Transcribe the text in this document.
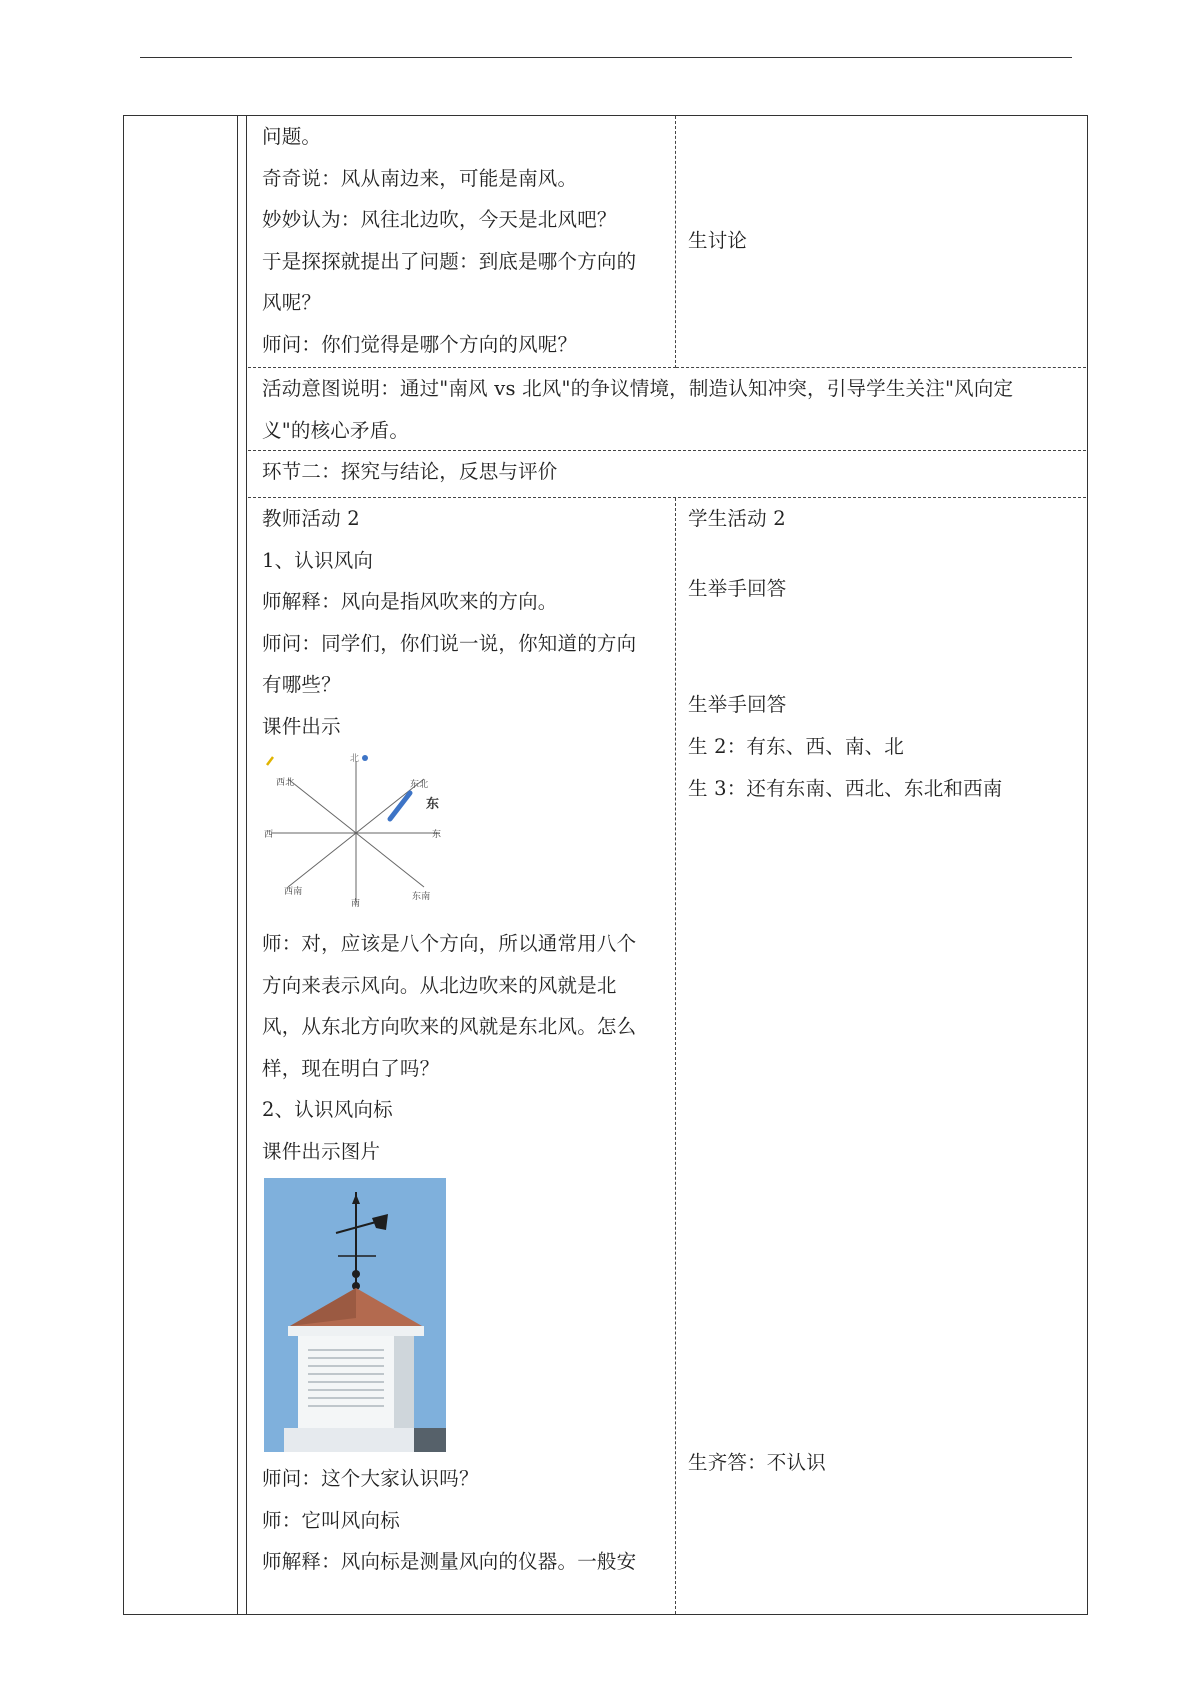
问题。
奇奇说：风从南边来，可能是南风。
妙妙认为：风往北边吹，今天是北风吧？
于是探探就提出了问题：到底是哪个方向的
风呢？
师问：你们觉得是哪个方向的风呢？
生讨论
活动意图说明：通过"南风 vs 北风"的争议情境，制造认知冲突，引导学生关注"风向定
义"的核心矛盾。
环节二：探究与结论，反思与评价
教师活动 2
1、认识风向
师解释：风向是指风吹来的方向。
师问：同学们，你们说一说，你知道的方向
有哪些？
课件出示
北
西北	东北
东
西	东
西南
南
东南
师：对，应该是八个方向，所以通常用八个
方向来表示风向。从北边吹来的风就是北
风，从东北方向吹来的风就是东北风。怎么
样，现在明白了吗？
2、认识风向标
课件出示图片
师问：这个大家认识吗？
师：它叫风向标
师解释：风向标是测量风向的仪器。一般安
学生活动 2
生举手回答
生举手回答
生 2：有东、西、南、北
生 3：还有东南、西北、东北和西南
生齐答：不认识
